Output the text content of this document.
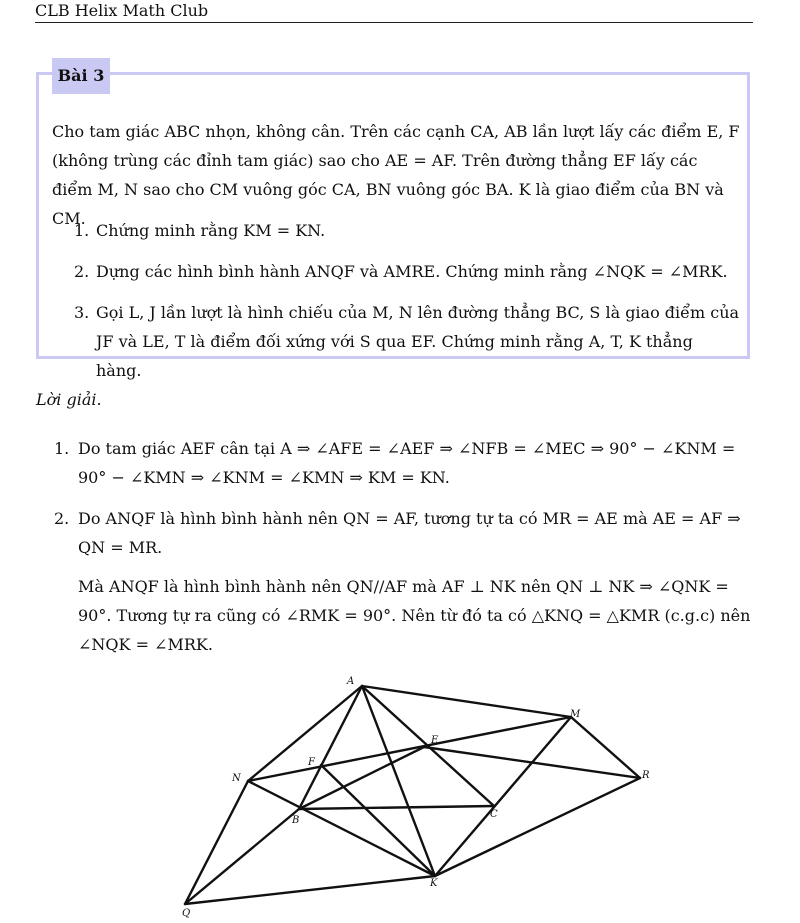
CLB Helix Math Club
Bài 3
Cho tam giác ABC nhọn, không cân. Trên các cạnh CA, AB lần lượt lấy các điểm E, F (không trùng các đỉnh tam giác) sao cho AE = AF. Trên đường thẳng EF lấy các điểm M, N sao cho CM vuông góc CA, BN vuông góc BA. K là giao điểm của BN và CM.
1. Chứng minh rằng KM = KN.
2. Dựng các hình bình hành ANQF và AMRE. Chứng minh rằng ∠NQK = ∠MRK.
3. Gọi L, J lần lượt là hình chiếu của M, N lên đường thẳng BC, S là giao điểm của JF và LE, T là điểm đối xứng với S qua EF. Chứng minh rằng A, T, K thẳng hàng.
Lời giải.
1. Do tam giác AEF cân tại A ⇒ ∠AFE = ∠AEF ⇒ ∠NFB = ∠MEC ⇒ 90° − ∠KNM = 90° − ∠KMN ⇒ ∠KNM = ∠KMN ⇒ KM = KN.

2. Do ANQF là hình bình hành nên QN = AF, tương tự ta có MR = AE mà AE = AF ⇒ QN = MR.

Mà ANQF là hình bình hành nên QN//AF mà AF ⊥ NK nên QN ⊥ NK ⇒ ∠QNK = 90°. Tương tự ra cũng có ∠RMK = 90°. Nên từ đó ta có △KNQ = △KMR (c.g.c) nên ∠NQK = ∠MRK.

A
M
E
F
N	R
B
C
K
Q
